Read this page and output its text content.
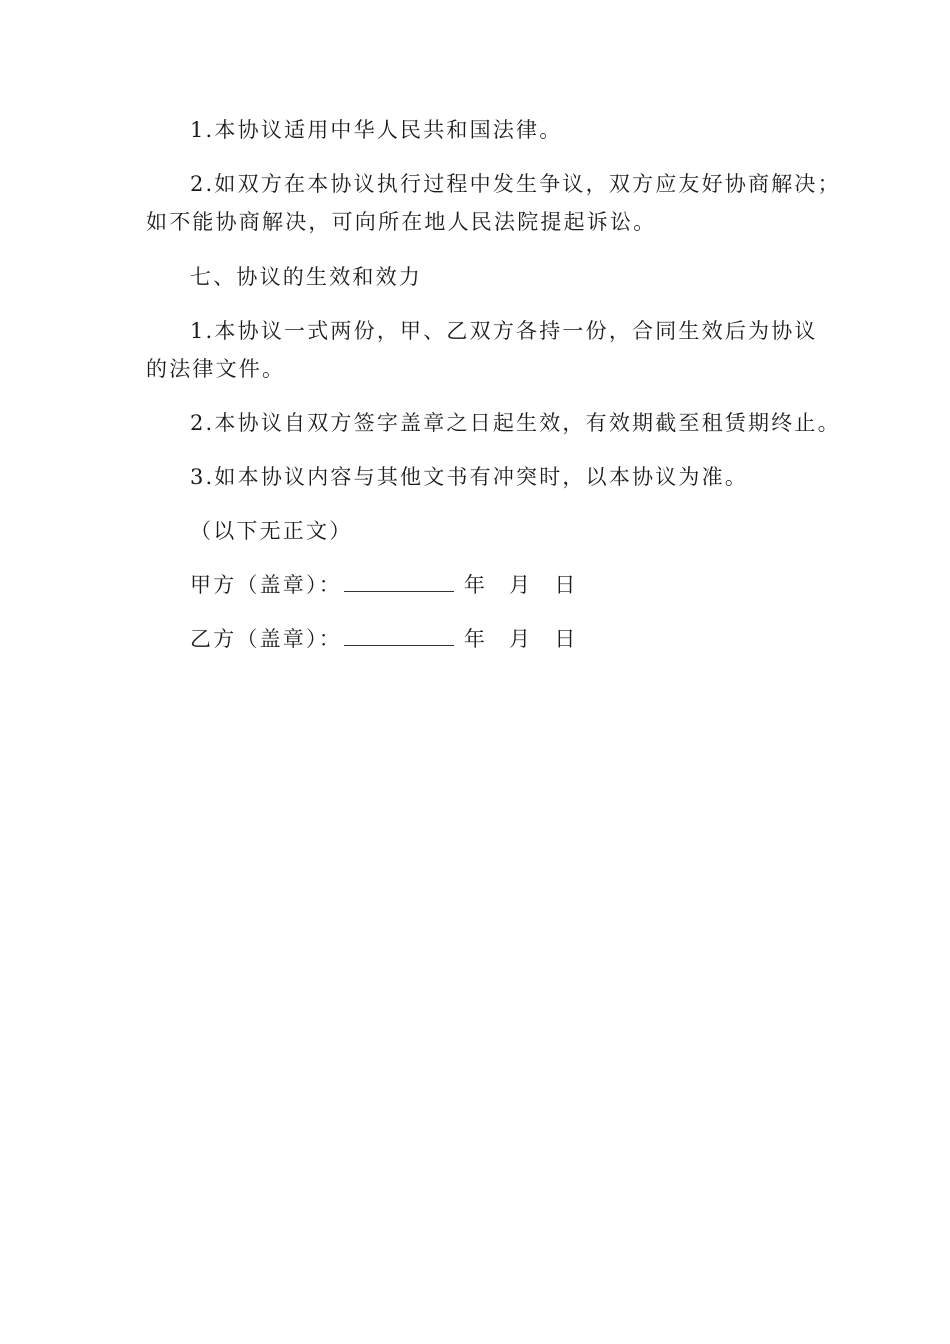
1.本协议适用中华人民共和国法律。
2.如双方在本协议执行过程中发生争议，双方应友好协商解决；
如不能协商解决，可向所在地人民法院提起诉讼。
七、协议的生效和效力
1.本协议一式两份，甲、乙双方各持一份，合同生效后为协议
的法律文件。
2.本协议自双方签字盖章之日起生效，有效期截至租赁期终止。
3.如本协议内容与其他文书有冲突时，以本协议为准。
（以下无正文）
甲方（盖章）：	年 月 日
乙方（盖章）：	年 月 日
